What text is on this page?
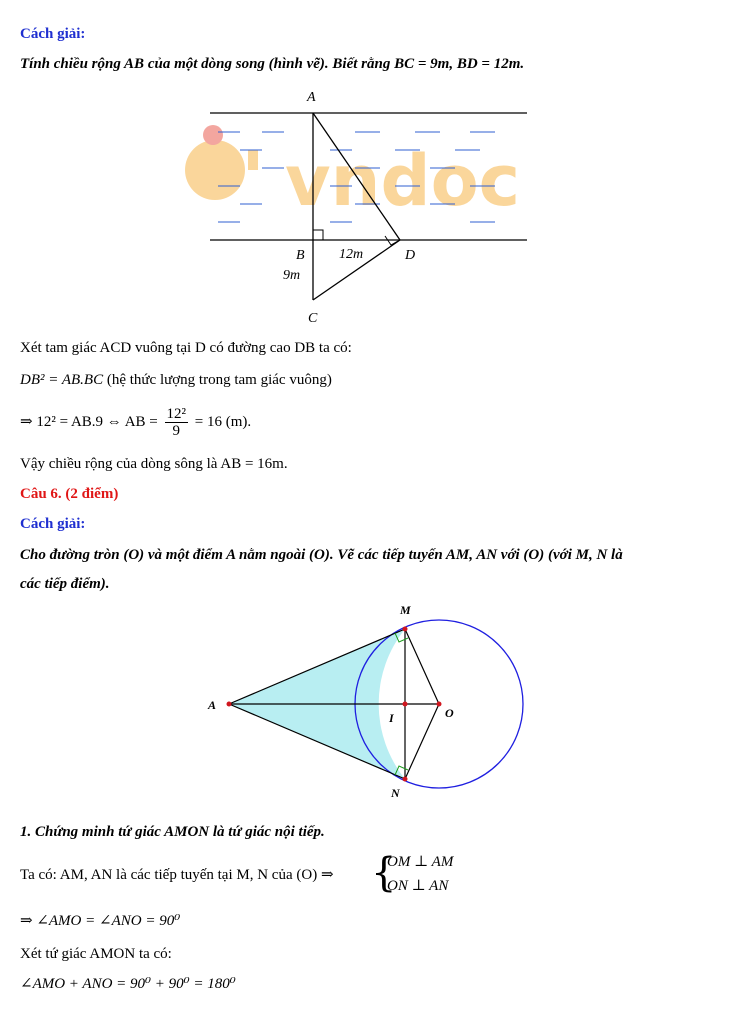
Cách giải:
Tính chiều rộng AB của một dòng song (hình vẽ). Biết rằng BC = 9m, BD = 12m.
vndoc
A
B
C
D
12m
9m
Xét tam giác ACD vuông tại D có đường cao DB ta có:
DB² = AB.BC (hệ thức lượng trong tam giác vuông)
⇒ 12² = AB.9 ⇔ AB = $\frac{\text{12²}}{9} = 16$ (m).
Vậy chiều rộng của dòng sông là AB = 16m.
Câu 6. (2 điểm)
Cách giải:
Cho đường tròn (O) và một điểm A nằm ngoài (O). Vẽ các tiếp tuyến AM, AN với (O) (với M, N là
các tiếp điểm).
A
M
N
O
I
1. Chứng minh tứ giác AMON là tứ giác nội tiếp.
Ta có: AM, AN là các tiếp tuyến tại M, N của (O) ⇒ {
OM ⊥ AM
ON ⊥ AN
⇒ ∠AMO = ∠ANO = 90⁰
Xét tứ giác AMON ta có:
∠AMO + ANO = 90⁰ + 90⁰ = 180⁰
